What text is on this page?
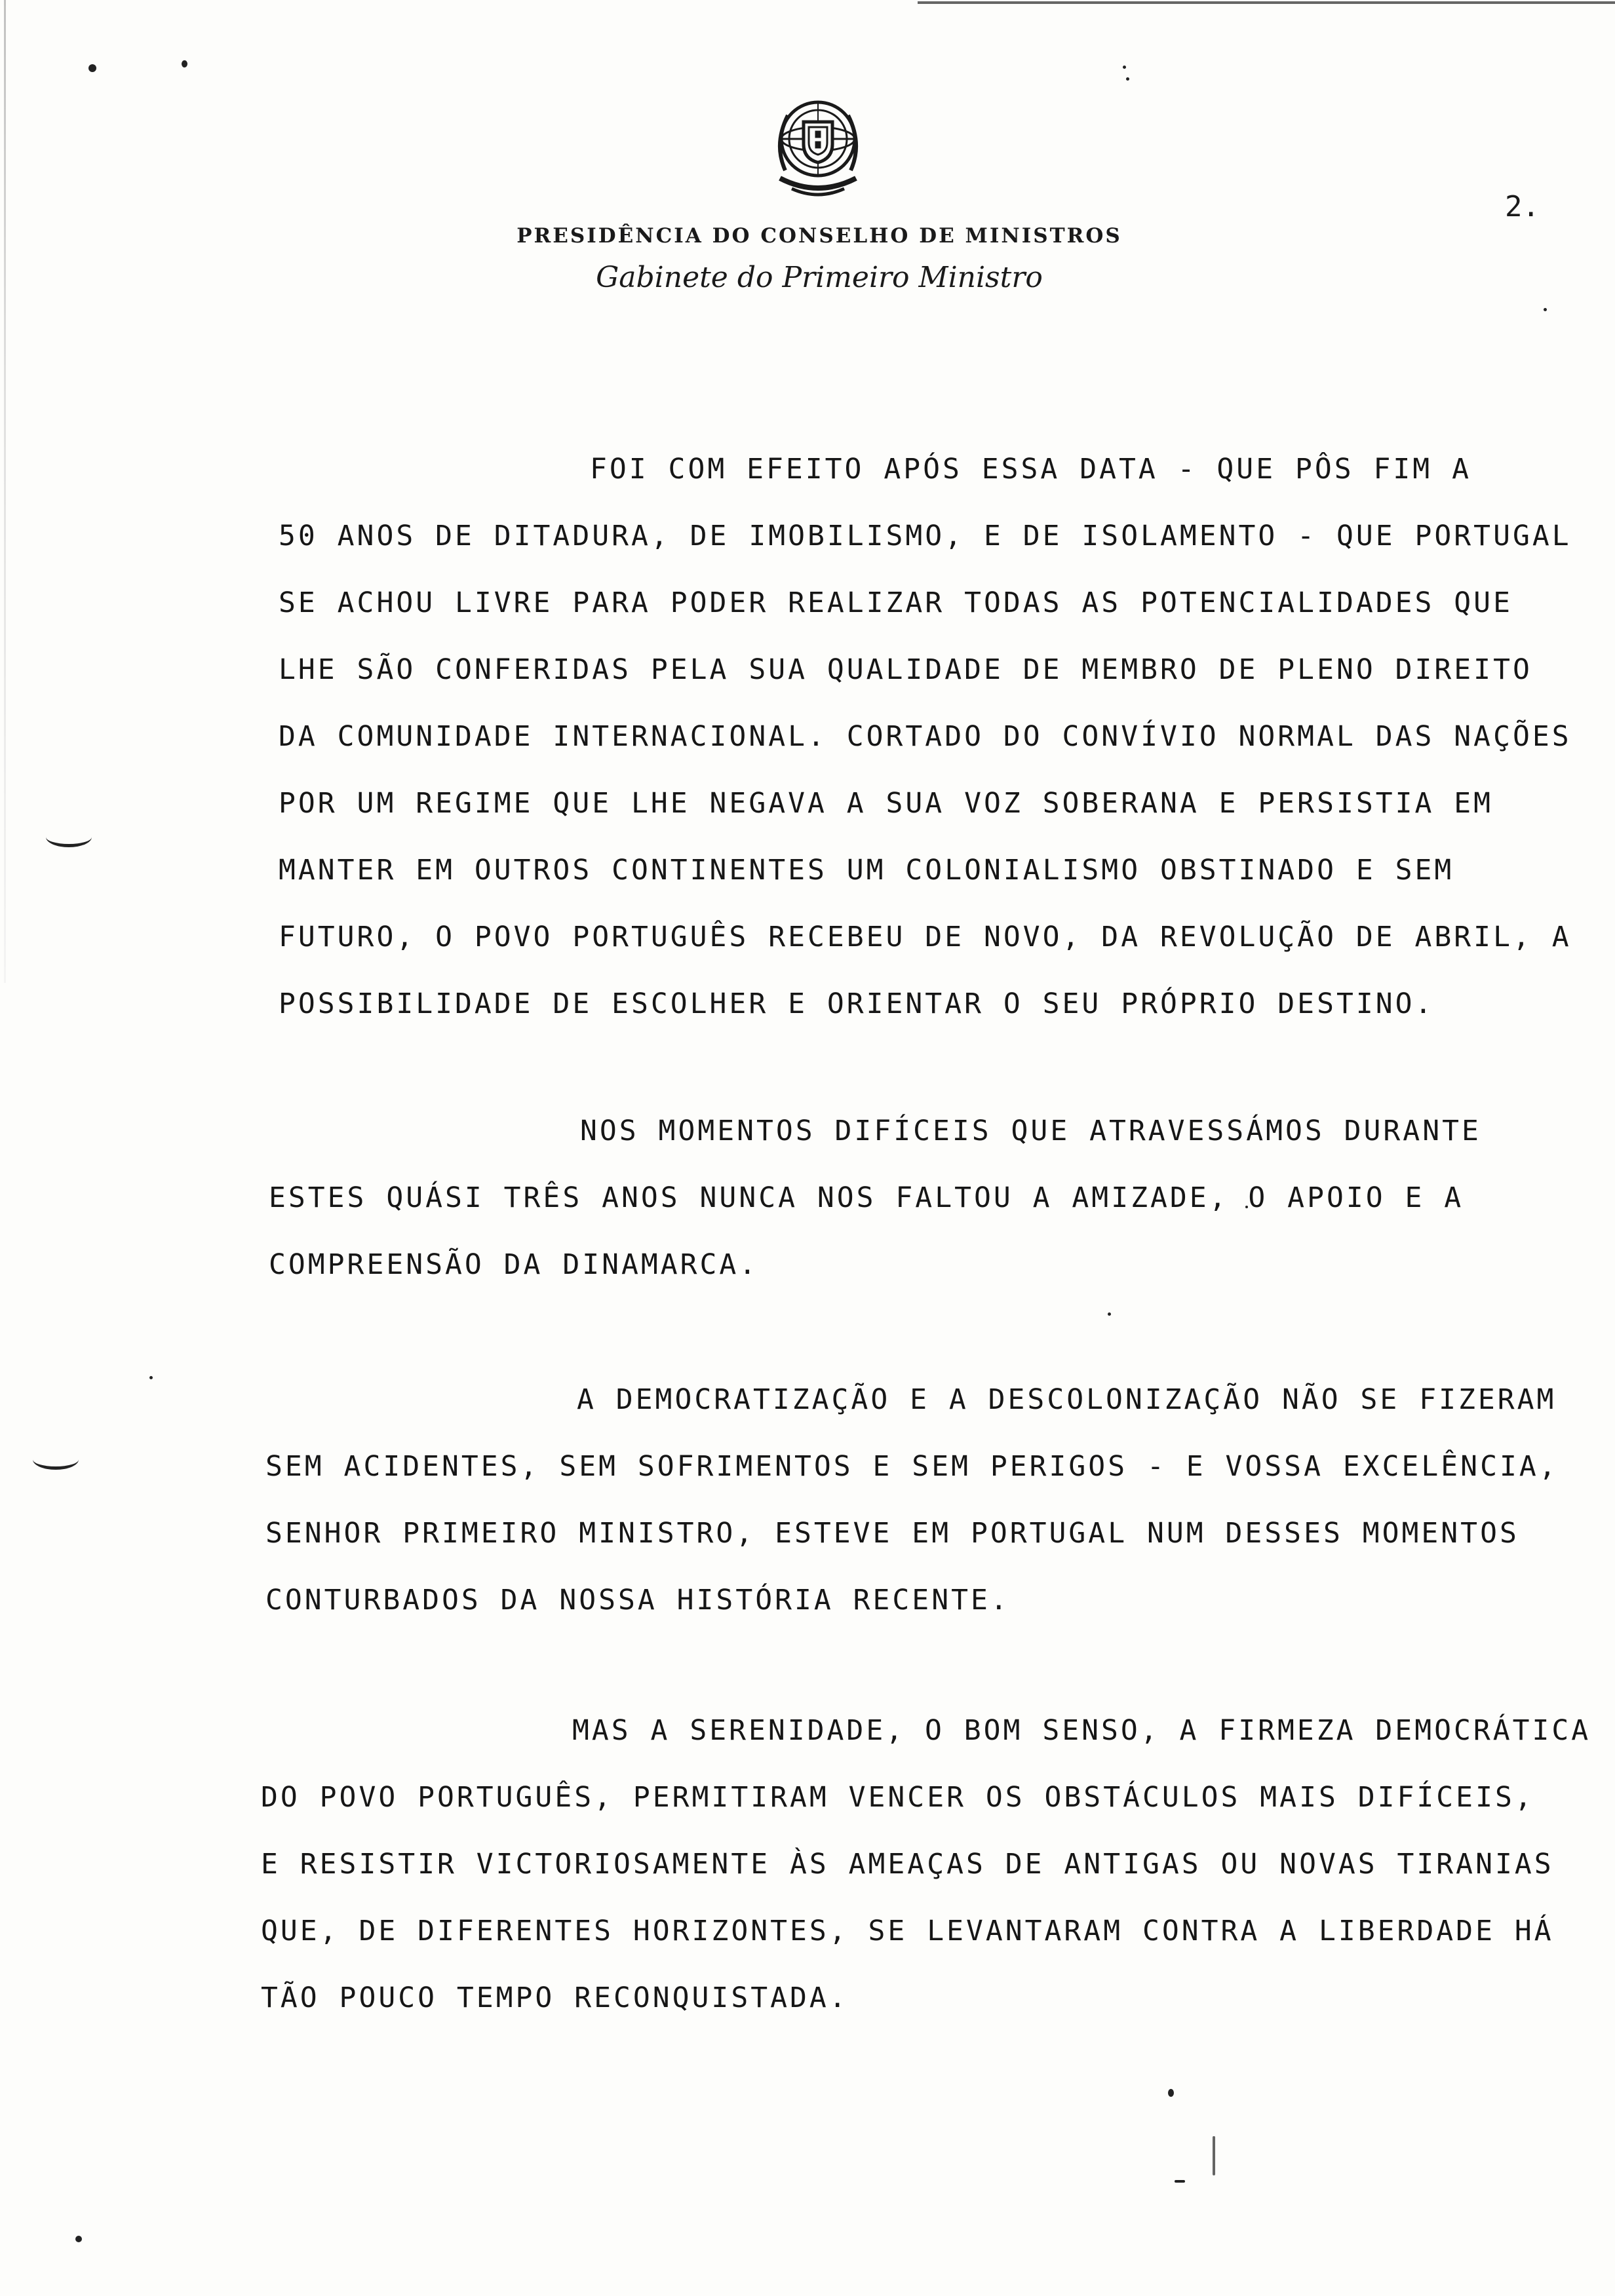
PRESIDÊNCIA DO CONSELHO DE MINISTROS
Gabinete do Primeiro Ministro
2.

FOI COM EFEITO APÓS ESSA DATA - QUE PÔS FIM A
50 ANOS DE DITADURA, DE IMOBILISMO, E DE ISOLAMENTO - QUE PORTUGAL
SE ACHOU LIVRE PARA PODER REALIZAR TODAS AS POTENCIALIDADES QUE
LHE SÃO CONFERIDAS PELA SUA QUALIDADE DE MEMBRO DE PLENO DIREITO
DA COMUNIDADE INTERNACIONAL. CORTADO DO CONVÍVIO NORMAL DAS NAÇÕES
POR UM REGIME QUE LHE NEGAVA A SUA VOZ SOBERANA E PERSISTIA EM
MANTER EM OUTROS CONTINENTES UM COLONIALISMO OBSTINADO E SEM
FUTURO, O POVO PORTUGUÊS RECEBEU DE NOVO, DA REVOLUÇÃO DE ABRIL, A
POSSIBILIDADE DE ESCOLHER E ORIENTAR O SEU PRÓPRIO DESTINO.

NOS MOMENTOS DIFÍCEIS QUE ATRAVESSÁMOS DURANTE
ESTES QUÁSI TRÊS ANOS NUNCA NOS FALTOU A AMIZADE, O APOIO E A
COMPREENSÃO DA DINAMARCA.

A DEMOCRATIZAÇÃO E A DESCOLONIZAÇÃO NÃO SE FIZERAM
SEM ACIDENTES, SEM SOFRIMENTOS E SEM PERIGOS - E VOSSA EXCELÊNCIA,
SENHOR PRIMEIRO MINISTRO, ESTEVE EM PORTUGAL NUM DESSES MOMENTOS
CONTURBADOS DA NOSSA HISTÓRIA RECENTE.

MAS A SERENIDADE, O BOM SENSO, A FIRMEZA DEMOCRÁTICA
DO POVO PORTUGUÊS, PERMITIRAM VENCER OS OBSTÁCULOS MAIS DIFÍCEIS,
E RESISTIR VICTORIOSAMENTE ÀS AMEAÇAS DE ANTIGAS OU NOVAS TIRANIAS
QUE, DE DIFERENTES HORIZONTES, SE LEVANTARAM CONTRA A LIBERDADE HÁ
TÃO POUCO TEMPO RECONQUISTADA.
